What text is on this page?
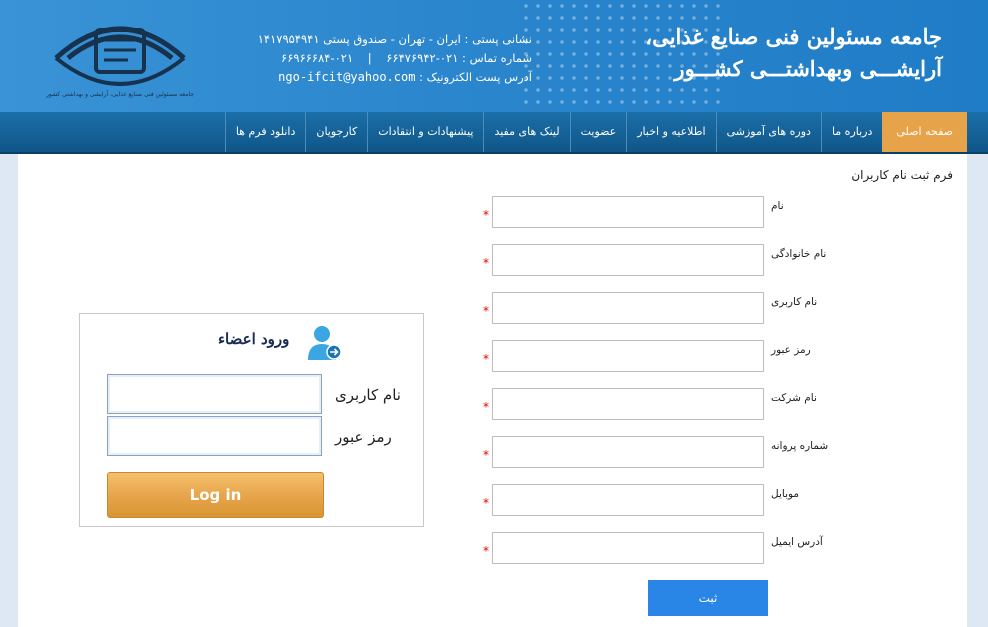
جامعه مسئولین فنی صنایع غذایی، آرایشی و بهداشتی کشور
نشانی پستی : ایران - تهران - صندوق پستی ۱۴۱۷۹۵۴۹۴۱
شماره تماس : ۰۲۱-۶۶۴۷۶۹۴۲    |    ۰۲۱-۶۶۹۶۶۶۸۴
آدرس پست الکترونیک : ngo-ifcit@yahoo.com
جامعه مسئولین فنی صنایع غذایی،
آرایشـــی وبهداشتـــی کشـــور
صفحه اصلی
درباره ما
دوره های آموزشی
اطلاعیه و اخبار
عضویت
لینک های مفید
پیشنهادات و انتقادات
کارجویان
دانلود فرم ها
فرم ثبت نام کاربران
*
نام
*
نام خانوادگی
*
نام کاربری
*
رمز عبور
*
نام شرکت
*
شماره پروانه
*
موبایل
*
آدرس ایمیل
ثبت
ورود اعضاء
نام کاربری
رمز عبور
Log in
